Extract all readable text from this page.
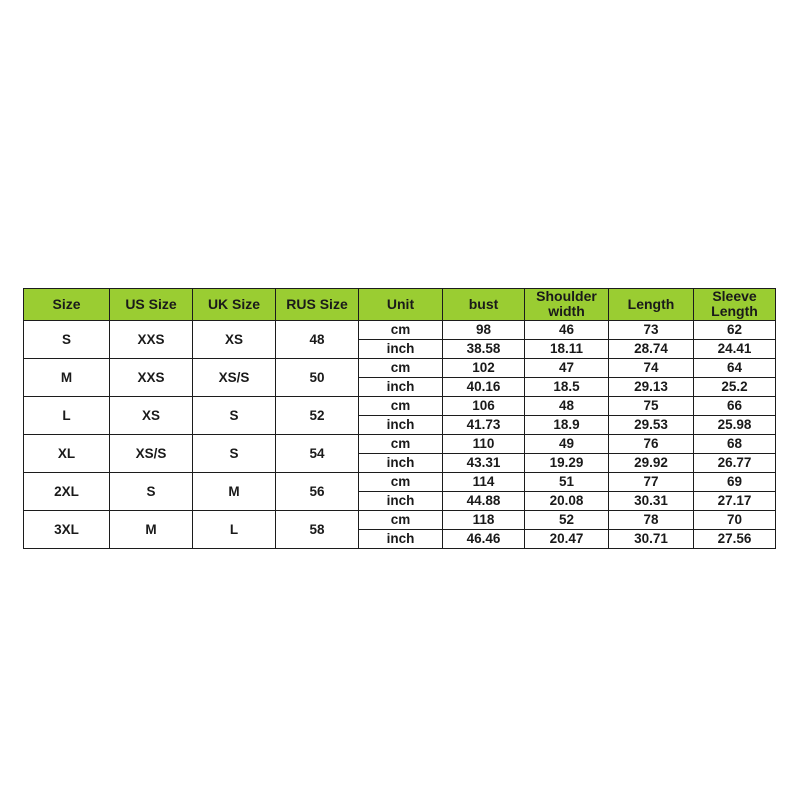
Size	US Size	UK Size	RUS Size	Unit	bust	Shoulder width	Length	Sleeve Length
S	XXS	XS	48	cm	98	46	73	62
				inch	38.58	18.11	28.74	24.41
M	XXS	XS/S	50	cm	102	47	74	64
				inch	40.16	18.5	29.13	25.2
L	XS	S	52	cm	106	48	75	66
				inch	41.73	18.9	29.53	25.98
XL	XS/S	S	54	cm	110	49	76	68
				inch	43.31	19.29	29.92	26.77
2XL	S	M	56	cm	114	51	77	69
				inch	44.88	20.08	30.31	27.17
3XL	M	L	58	cm	118	52	78	70
				inch	46.46	20.47	30.71	27.56
